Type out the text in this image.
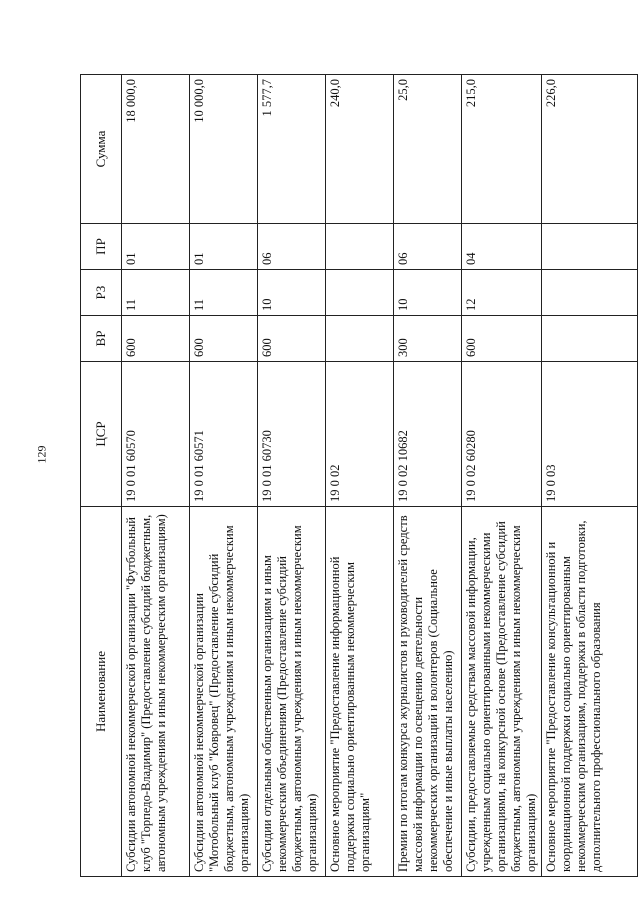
129
Наименование	ЦСР	ВР	РЗ	ПР	Сумма
Субсидии автономной некоммерческой организации "Футбольный клуб "Торпедо-Владимир" (Предоставление субсидий бюджетным, автономным учреждениям и иным некоммерческим организациям)	19 0 01 60570	600	11	01	18 000,0
Субсидии автономной некоммерческой организации "Мотобольный клуб "Ковровец" (Предоставление субсидий бюджетным, автономным учреждениям и иным некоммерческим организациям)	19 0 01 60571	600	11	01	10 000,0
Субсидии отдельным общественным организациям и иным некоммерческим объединениям (Предоставление субсидий бюджетным, автономным учреждениям и иным некоммерческим организациям)	19 0 01 60730	600	10	06	1 577,7
Основное мероприятие "Предоставление информационной поддержки социально ориентированным некоммерческим организациям"	19 0 02				240,0
Премии по итогам конкурса журналистов и руководителей средств массовой информации по освещению деятельности некоммерческих организаций и волонтеров (Социальное обеспечение и иные выплаты населению)	19 0 02 10682	300	10	06	25,0
Субсидии, предоставляемые средствам массовой информации, учрежденным социально ориентированными некоммерческими организациями, на конкурсной основе (Предоставление субсидий бюджетным, автономным учреждениям и иным некоммерческим организациям)	19 0 02 60280	600	12	04	215,0
Основное мероприятие "Предоставление консультационной и координационной поддержки социально ориентированным некоммерческим организациям, поддержки в области подготовки, дополнительного профессионального образования	19 0 03				226,0
